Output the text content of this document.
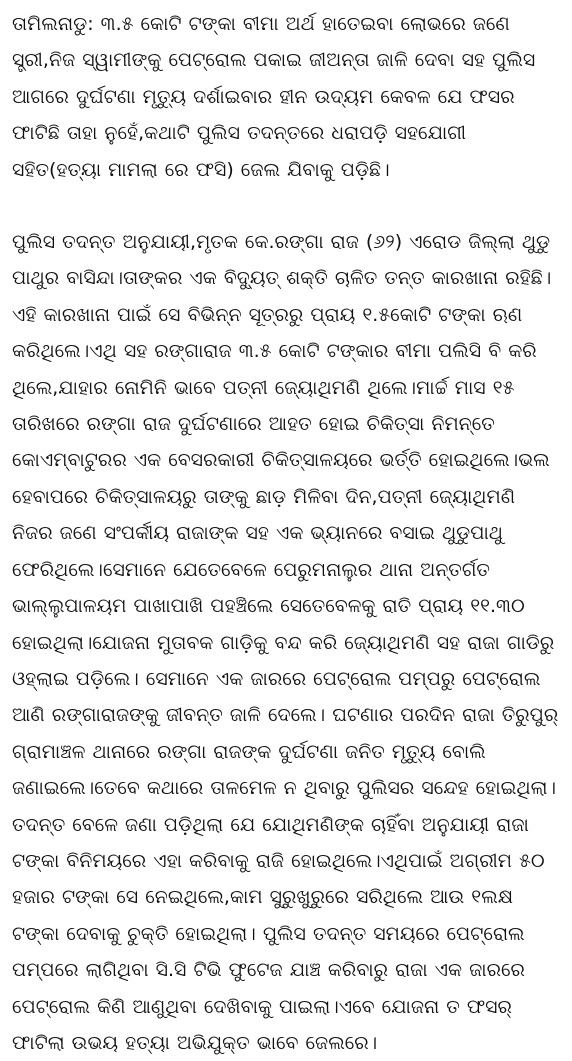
ତାମିଲନାଡୁ: ୩.୫ କୋଟି ଟଙ୍କା ବୀମା ଅର୍ଥ ହାତେଇବା ଲୋଭରେ ଜଣେ ସ୍ତ୍ରୀ,ନିଜ ସ୍ୱାମୀଙ୍କୁ ପେଟ୍ରୋଲ ପକାଇ ଜୀଅନ୍ତା ଜାଳି ଦେବା ସହ ପୁଲିସ ଆଗରେ ଦୁର୍ଘଟଣା ମୃତ୍ୟୁ ଦର୍ଶାଇବାର ହୀନ ଉଦ୍ୟମ କେବଳ ଯେ ଫସର ଫାଟିଛି ତାହା ନୁହେଁ,କଥାଟି ପୁଲିସ ତଦନ୍ତରେ ଧରାପଡ଼ି ସହଯୋଗୀ ସହିତ(ହତ୍ୟା ମାମଲା ରେ ଫସି) ଜେଲ ଯିବାକୁ ପଡ଼ିଛି।

ପୁଲିସ ତଦନ୍ତ ଅନୁଯାୟୀ,ମୃତକ କେ.ରଙ୍ଗା ରାଜ (୬୨) ଏରୋଡ ଜିଲ୍ଲା ଥୁଡୁ ପାଥୁର ବାସିନ୍ଦା।ତାଙ୍କର ଏକ ବିଦ୍ୟୁତ୍ ଶକ୍ତି ଚାଳିତ ତନ୍ତ କାରଖାନା ରହିଛି।ଏହି କାରଖାନା ପାଇଁ ସେ ବିଭିନ୍ନ ସୂତ୍ରରୁ ପ୍ରାୟ ୧.୫କୋଟି ଟଙ୍କା ଋଣ କରିଥିଲେ।ଏଥି ସହ ରଙ୍ଗାରାଜ ୩.୫ କୋଟି ଟଙ୍କାର ବୀମା ପଲିସି ବି କରି ଥିଲେ,ଯାହାର ନୋମିନି ଭାବେ ପତ୍ନୀ ଜ୍ୟୋଥିମଣି ଥିଲେ।ମାର୍ଚ୍ଚ ମାସ ୧୫ ତାରିଖରେ ରଙ୍ଗା ରାଜ ଦୁର୍ଘଟଣାରେ ଆହତ ହୋଇ ଚିକିତ୍ସା ନିମନ୍ତେ କୋଏମ୍ବାଟୁରର ଏକ ବେସରକାରୀ ଚିକିତ୍ସାଳୟରେ ଭର୍ତ୍ତି ହୋଇଥିଲେ।ଭଲ ହେବାପରେ ଚିକିତ୍ସାଳୟରୁ ତାଙ୍କୁ ଛାଡ଼ ମିଳିବା ଦିନ,ପତ୍ନୀ ଜ୍ୟୋଥିମଣି ନିଜର ଜଣେ ସଂପର୍କୀୟ ରାଜାଙ୍କ ସହ ଏକ ଭ୍ୟାନରେ ବସାଇ ଥୁଡୁପାଥୁ ଫେରିଥିଲେ।ସେମାନେ ଯେତେବେଳେ ପେରୁମନାଲୁର ଥାନା ଅନ୍ତର୍ଗତ ଭାଲ୍ଲୁପାଳୟମ ପାଖାପାଖି ପହଞ୍ଚିଲେ ସେତେବେଳକୁ ରାତି ପ୍ରାୟ ୧୧.୩୦ ହୋଇଥିଲା।ଯୋଜନା ମୁତାବକ ଗାଡ଼ିକୁ ବନ୍ଦ କରି ଜ୍ୟୋଥିମଣି ସହ ରାଜା ଗାଡିରୁ ଓହ୍ଲାଇ ପଡ଼ିଲେ। ସେମାନେ ଏକ ଜାରରେ ପେଟ୍ରୋଲ ପମ୍ପରୁ ପେଟ୍ରୋଲ ଆଣି ରଙ୍ଗାରାଜଙ୍କୁ ଜୀବନ୍ତ ଜାଳି ଦେଲେ। ଘଟଣାର ପରଦିନ ରାଜା ତିରୁପୁର୍ ଗ୍ରାମାଞ୍ଚଳ ଥାନାରେ ରଙ୍ଗା ରାଜଙ୍କ ଦୁର୍ଘଟଣା ଜନିତ ମୃତ୍ୟୁ ବୋଲି ଜଣାଇଲେ।ତେବେ କଥାରେ ତାଳମେଳ ନ ଥିବାରୁ ପୁଲିସର ସନ୍ଦେହ ହୋଇଥିଲା। ତଦନ୍ତ ବେଳେ ଜଣା ପଡ଼ିଥିଲା ଯେ ଯୋଥିମଣିଙ୍କ ଚାହିଁବା ଅନୁଯାୟୀ ରାଜା ଟଙ୍କା ବିନିମୟରେ ଏହା କରିବାକୁ ରାଜି ହୋଇଥିଲେ।ଏଥିପାଇଁ ଅଗ୍ରୀମ ୫୦ ହଜାର ଟଙ୍କା ସେ ନେଇଥିଲେ,କାମ ସୁରୁଖୁରୁରେ ସରିଥିଲେ ଆଉ ୧ଲକ୍ଷ ଟଙ୍କା ଦେବାକୁ ଚୁକ୍ତି ହୋଇଥିଲା। ପୁଲିସ ତଦନ୍ତ ସମୟରେ ପେଟ୍ରୋଲ ପମ୍ପରେ ଲାଗିଥିବା ସି.ସି ଟିଭି ଫୁଟେଜ ଯାଞ୍ଚ କରିବାରୁ ରାଜା ଏକ ଜାରରେ ପେଟ୍ରୋଲ କିଣି ଆଣୁଥିବା ଦେଖିବାକୁ ପାଇଲା।ଏବେ ଯୋଜନା ତ ଫସର୍ ଫାଟିଲା ଉଭୟ ହତ୍ୟା ଅଭିଯୁକ୍ତ ଭାବେ ଜେଲରେ।
